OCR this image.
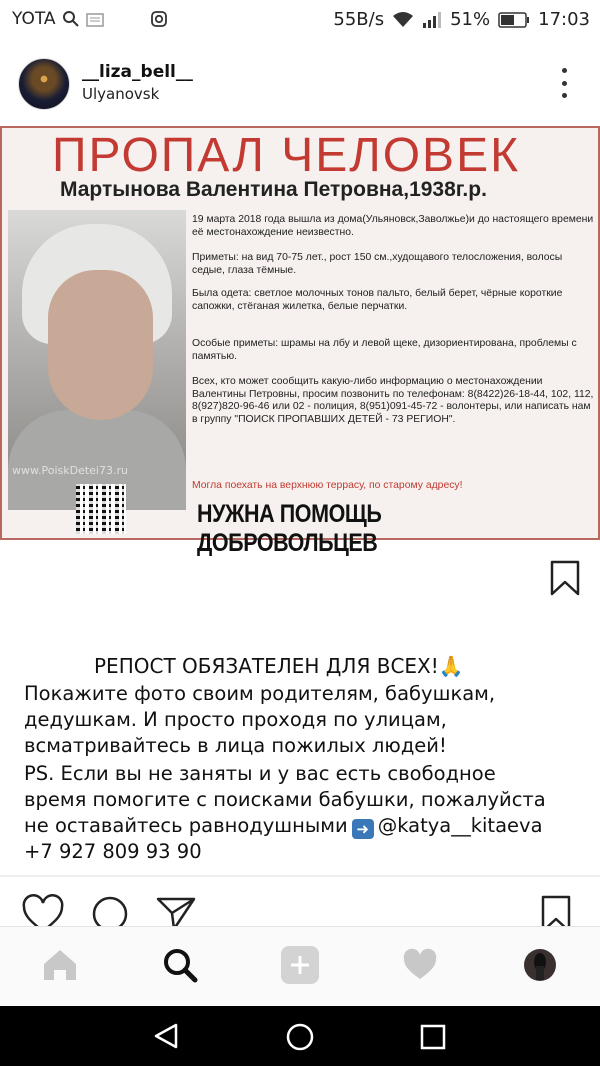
YOTA	55B/s	51% + 17:03
__liza_bell__
Ulyanovsk
ПРОПАЛ ЧЕЛОВЕК
Мартынова Валентина Петровна,1938г.р.
www.PoiskDetei73.ru
19 марта 2018 года вышла из дома(Ульяновск,Заволжье)и до настоящего времени её местонахождение неизвестно.
Приметы: на вид 70-75 лет., рост 150 см.,худощавого телосложения, волосы седые, глаза тёмные.
Была одета: светлое молочных тонов пальто, белый берет, чёрные короткие сапожки, стёганая жилетка, белые перчатки.
Особые приметы: шрамы на лбу и левой щеке, дизориентирована, проблемы с памятью.
Всех, кто может сообщить какую-либо информацию о местонахождении Валентины Петровны, просим позвонить по телефонам: 8(8422)26-18-44, 102, 112, 8(927)820-96-46 или 02 - полиция, 8(951)091-45-72 - волонтеры, или написать нам в группу "ПОИСК ПРОПАВШИХ ДЕТЕЙ - 73 РЕГИОН".
Могла поехать на верхнюю террасу, по старому адресу!
НУЖНА ПОМОЩЬ ДОБРОВОЛЬЦЕВ
РЕПОСТ ОБЯЗАТЕЛЕН ДЛЯ ВСЕХ!🙏
Покажите фото своим родителям, бабушкам,
дедушкам. И просто проходя по улицам,
всматривайтесь в лица пожилых людей!
PS. Если вы не заняты и у вас есть свободное
время помогите с поисками бабушки, пожалуйста
не оставайтесь равнодушными ➜ @katya__kitaeva
+7 927 809 93 90
